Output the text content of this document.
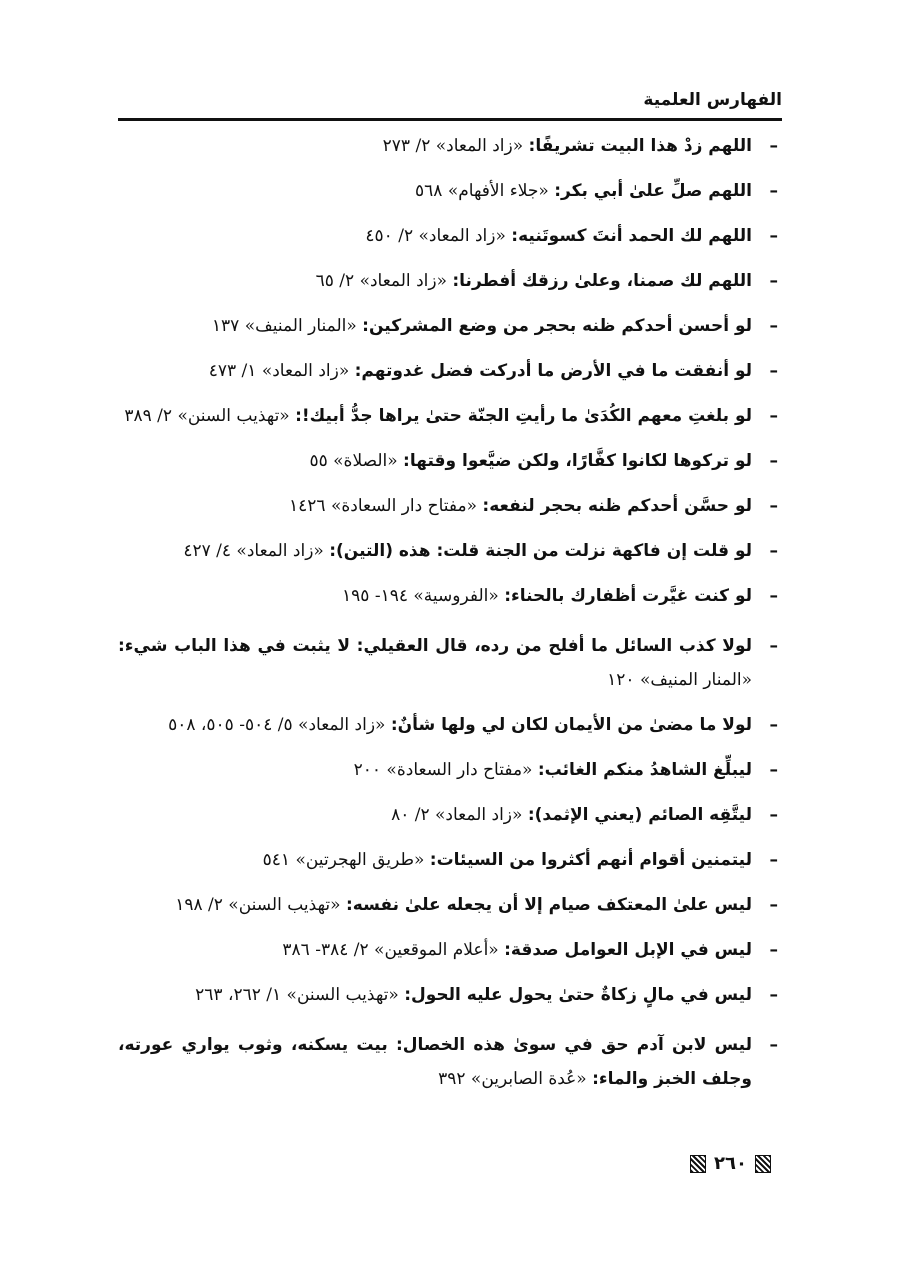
الفهارس العلمية
–
اللهم زدْ هذا البيت تشريفًا: «زاد المعاد» ٢/ ٢٧٣
–
اللهم صلِّ علىٰ أبي بكر: «جلاء الأفهام» ٥٦٨
–
اللهم لك الحمد أنتَ كسوتَنيه: «زاد المعاد» ٢/ ٤٥٠
–
اللهم لك صمنا، وعلىٰ رزقك أفطرنا: «زاد المعاد» ٢/ ٦٥
–
لو أحسن أحدكم ظنه بحجر من وضع المشركين: «المنار المنيف» ١٣٧
–
لو أنفقت ما في الأرض ما أدركت فضل غدوتهم: «زاد المعاد» ١/ ٤٧٣
–
لو بلغتِ معهم الكُدَىٰ ما رأيتِ الجنّة حتىٰ يراها جدُّ أبيك!: «تهذيب السنن» ٢/ ٣٨٩
–
لو تركوها لكانوا كفَّارًا، ولكن ضيَّعوا وقتها: «الصلاة» ٥٥
–
لو حسَّن أحدكم ظنه بحجر لنفعه: «مفتاح دار السعادة» ١٤٢٦
–
لو قلت إن فاكهة نزلت من الجنة قلت: هذه (التين): «زاد المعاد» ٤/ ٤٢٧
–
لو كنت غيَّرت أظفارك بالحناء: «الفروسية» ١٩٤- ١٩٥
–
لولا كذب السائل ما أفلح من رده، قال العقيلي: لا يثبت في هذا الباب شيء: «المنار المنيف» ١٢٠
–
لولا ما مضىٰ من الأيمان لكان لي ولها شأنٌ: «زاد المعاد» ٥/ ٥٠٤- ٥٠٥، ٥٠٨
–
ليبلِّغ الشاهدُ منكم الغائب: «مفتاح دار السعادة» ٢٠٠
–
ليتَّقِه الصائم (يعني الإثمد): «زاد المعاد» ٢/ ٨٠
–
ليتمنين أقوام أنهم أكثروا من السيئات: «طريق الهجرتين» ٥٤١
–
ليس علىٰ المعتكف صيام إلا أن يجعله علىٰ نفسه: «تهذيب السنن» ٢/ ١٩٨
–
ليس في الإبل العوامل صدقة: «أعلام الموقعين» ٢/ ٣٨٤- ٣٨٦
–
ليس في مالٍ زكاةٌ حتىٰ يحول عليه الحول: «تهذيب السنن» ١/ ٢٦٢، ٢٦٣
–
ليس لابن آدم حق في سوىٰ هذه الخصال: بيت يسكنه، وثوب يواري عورته، وجلف الخبز والماء: «عُدة الصابرين» ٣٩٢
٢٦٠
